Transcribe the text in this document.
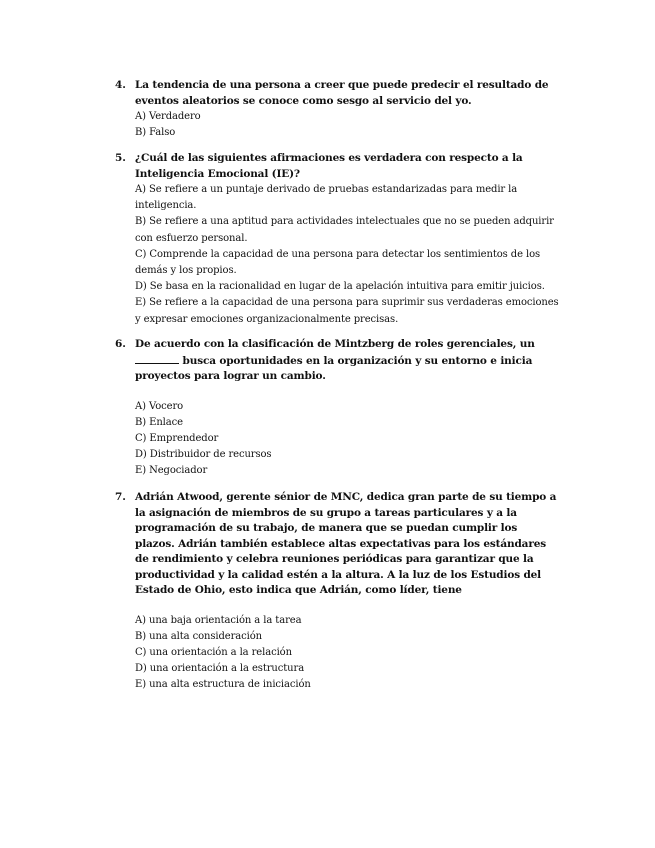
4. La tendencia de una persona a creer que puede predecir el resultado de eventos aleatorios se conoce como sesgo al servicio del yo.
A) Verdadero
B) Falso
5. ¿Cuál de las siguientes afirmaciones es verdadera con respecto a la Inteligencia Emocional (IE)?
A) Se refiere a un puntaje derivado de pruebas estandarizadas para medir la inteligencia.
B) Se refiere a una aptitud para actividades intelectuales que no se pueden adquirir con esfuerzo personal.
C) Comprende la capacidad de una persona para detectar los sentimientos de los demás y los propios.
D) Se basa en la racionalidad en lugar de la apelación intuitiva para emitir juicios.
E) Se refiere a la capacidad de una persona para suprimir sus verdaderas emociones y expresar emociones organizacionalmente precisas.
6. De acuerdo con la clasificación de Mintzberg de roles gerenciales, un  busca oportunidades en la organización y su entorno e inicia proyectos para lograr un cambio.
A) Vocero
B) Enlace
C) Emprendedor
D) Distribuidor de recursos
E) Negociador
7. Adrián Atwood, gerente sénior de MNC, dedica gran parte de su tiempo a la asignación de miembros de su grupo a tareas particulares y a la programación de su trabajo, de manera que se puedan cumplir los plazos. Adrián también establece altas expectativas para los estándares de rendimiento y celebra reuniones periódicas para garantizar que la productividad y la calidad estén a la altura. A la luz de los Estudios del Estado de Ohio, esto indica que Adrián, como líder, tiene
A) una baja orientación a la tarea
B) una alta consideración
C) una orientación a la relación
D) una orientación a la estructura
E) una alta estructura de iniciación
